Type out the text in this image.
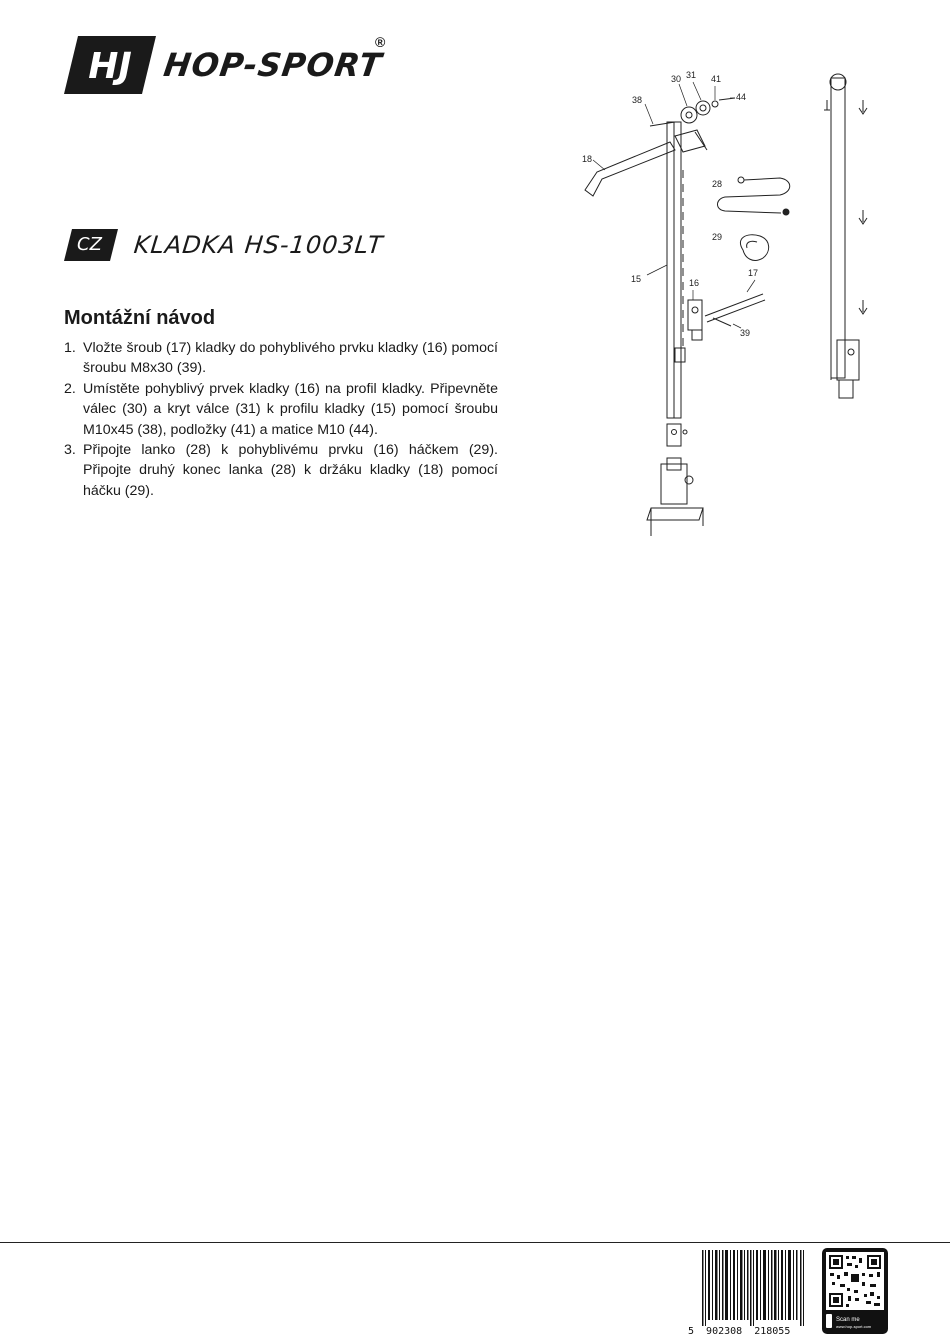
HJ HOP-SPORT
®
CZ KLADKA HS-1003LT
Montážní návod
1. Vložte šroub (17) kladky do pohyblivého prvku kladky (16) pomocí šroubu M8x30 (39).
2. Umístěte pohyblivý prvek kladky (16) na profil kladky. Připevněte válec (30) a kryt válce (31) k profilu kladky (15) pomocí šroubu M10x45 (38), podložky (41) a matice M10 (44).
3. Připojte lanko (28) k pohyblivému prvku (16) háčkem (29). Připojte druhý konec lanka (28) k držáku kladky (18) pomocí háčku (29).
30 31 41
44
38
18
28
29
15	16
17
39
5  902308  218055
Scan me
www.hop-sport.com
